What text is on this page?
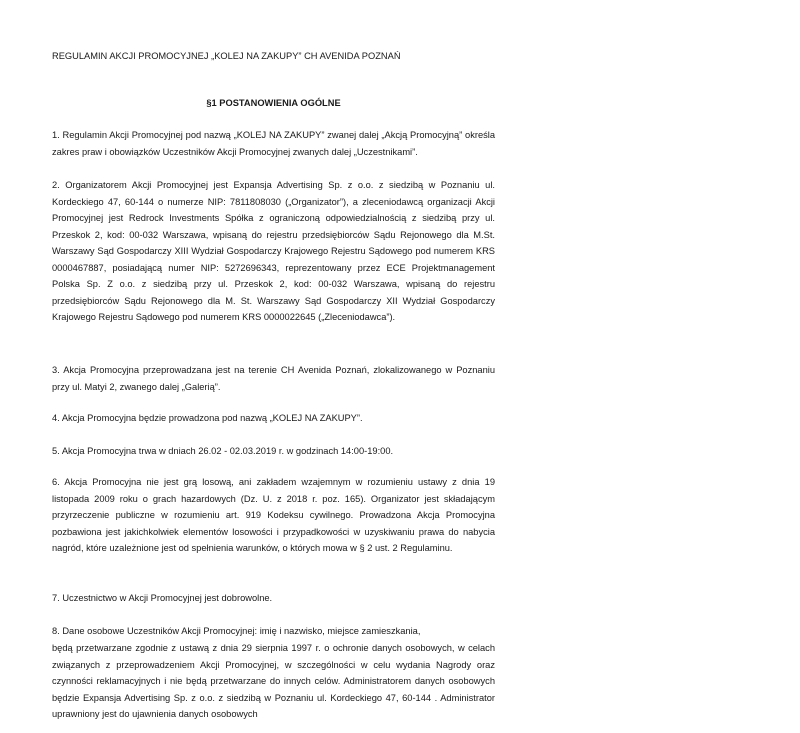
REGULAMIN AKCJI PROMOCYJNEJ „KOLEJ NA ZAKUPY” CH AVENIDA POZNAŃ
§1 POSTANOWIENIA OGÓLNE

1. Regulamin Akcji Promocyjnej pod nazwą „KOLEJ NA ZAKUPY” zwanej dalej „Akcją Promocyjną” określa zakres praw i obowiązków Uczestników Akcji Promocyjnej zwanych dalej „Uczestnikami”.

2. Organizatorem Akcji Promocyjnej jest Expansja Advertising Sp. z o.o. z siedzibą w Poznaniu ul. Kordeckiego 47, 60-144 o numerze NIP: 7811808030 („Organizator”), a zleceniodawcą organizacji Akcji Promocyjnej jest Redrock Investments Spółka z ograniczoną odpowiedzialnością z siedzibą przy ul. Przeskok 2, kod: 00-032 Warszawa, wpisaną do rejestru przedsiębiorców Sądu Rejonowego dla M.St. Warszawy Sąd Gospodarczy XIII Wydział Gospodarczy Krajowego Rejestru Sądowego pod numerem KRS 0000467887, posiadającą numer NIP: 5272696343, reprezentowany przez ECE Projektmanagement Polska Sp. Z o.o. z siedzibą przy ul. Przeskok 2, kod: 00-032 Warszawa, wpisaną do rejestru przedsiębiorców Sądu Rejonowego dla M. St. Warszawy Sąd Gospodarczy XII Wydział Gospodarczy Krajowego Rejestru Sądowego pod numerem KRS 0000022645 („Zleceniodawca”).

3. Akcja Promocyjna przeprowadzana jest na terenie CH Avenida Poznań, zlokalizowanego w Poznaniu przy ul. Matyi 2, zwanego dalej „Galerią”.

4. Akcja Promocyjna będzie prowadzona pod nazwą „KOLEJ NA ZAKUPY”.

5. Akcja Promocyjna trwa w dniach 26.02 - 02.03.2019 r. w godzinach 14:00-19:00.

6. Akcja Promocyjna nie jest grą losową, ani zakładem wzajemnym w rozumieniu ustawy z dnia 19 listopada 2009 roku o grach hazardowych (Dz. U. z 2018 r. poz. 165). Organizator jest składającym przyrzeczenie publiczne w rozumieniu art. 919 Kodeksu cywilnego. Prowadzona Akcja Promocyjna pozbawiona jest jakichkolwiek elementów losowości i przypadkowości w uzyskiwaniu prawa do nabycia nagród, które uzależnione jest od spełnienia warunków, o których mowa w § 2 ust. 2 Regulaminu.

7. Uczestnictwo w Akcji Promocyjnej jest dobrowolne.

8. Dane osobowe Uczestników Akcji Promocyjnej: imię i nazwisko, miejsce zamieszkania,

będą przetwarzane zgodnie z ustawą z dnia 29 sierpnia 1997 r. o ochronie danych osobowych, w celach związanych z przeprowadzeniem Akcji Promocyjnej, w szczególności w celu wydania Nagrody oraz czynności reklamacyjnych i nie będą przetwarzane do innych celów. Administratorem danych osobowych będzie Expansja Advertising Sp. z o.o. z siedzibą w Poznaniu ul. Kordeckiego 47, 60-144 . Administrator uprawniony jest do ujawnienia danych osobowych
